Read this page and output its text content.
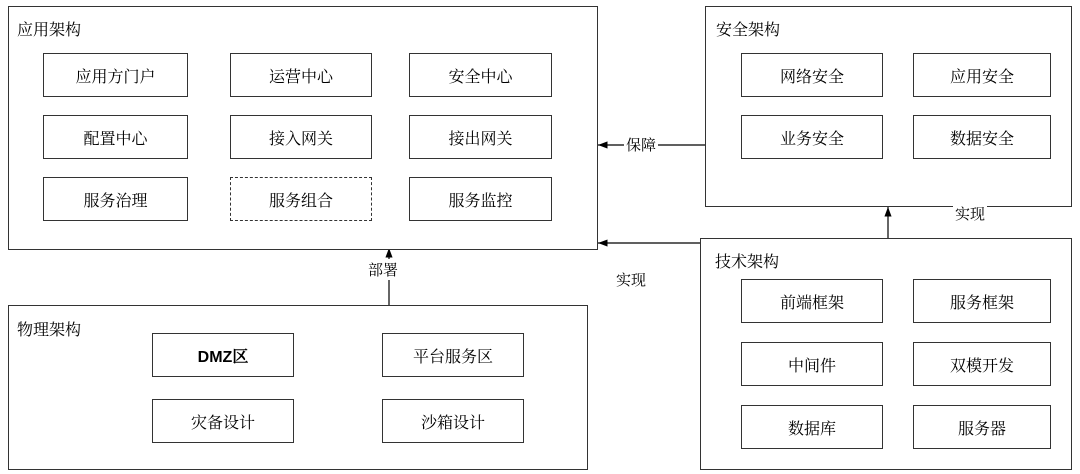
应用架构
应用方门户	运营中心	安全中心
配置中心	接入网关	接出网关
服务治理	服务组合	服务监控
安全架构
网络安全	应用安全
业务安全	数据安全
技术架构
前端框架	服务框架
中间件	双模开发
数据库	服务器
物理架构
DMZ区	平台服务区
灾备设计	沙箱设计
保障
实现
实现
部署
